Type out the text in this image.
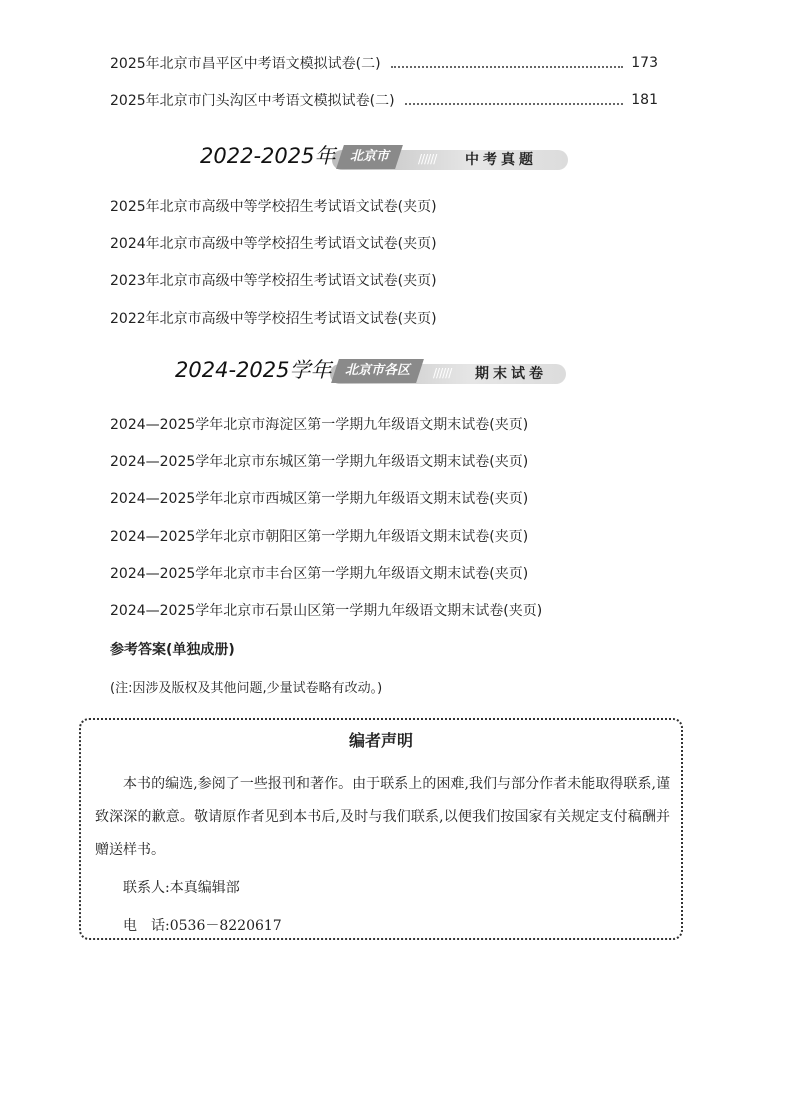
2025年北京市昌平区中考语文模拟试卷(二)	173
2025年北京市门头沟区中考语文模拟试卷(二)	181
2022-2025年	北京市	////// 中考真题
2025年北京市高级中等学校招生考试语文试卷(夹页)
2024年北京市高级中等学校招生考试语文试卷(夹页)
2023年北京市高级中等学校招生考试语文试卷(夹页)
2022年北京市高级中等学校招生考试语文试卷(夹页)
2024-2025学年	北京市各区	////// 期末试卷
2024—2025学年北京市海淀区第一学期九年级语文期末试卷(夹页)
2024—2025学年北京市东城区第一学期九年级语文期末试卷(夹页)
2024—2025学年北京市西城区第一学期九年级语文期末试卷(夹页)
2024—2025学年北京市朝阳区第一学期九年级语文期末试卷(夹页)
2024—2025学年北京市丰台区第一学期九年级语文期末试卷(夹页)
2024—2025学年北京市石景山区第一学期九年级语文期末试卷(夹页)
参考答案(单独成册)
(注:因涉及版权及其他问题,少量试卷略有改动。)
编者声明
本书的编选,参阅了一些报刊和著作。由于联系上的困难,我们与部分作者未能取得联系,谨致深深的歉意。敬请原作者见到本书后,及时与我们联系,以便我们按国家有关规定支付稿酬并赠送样书。
联系人:本真编辑部
电　话:0536－8220617
